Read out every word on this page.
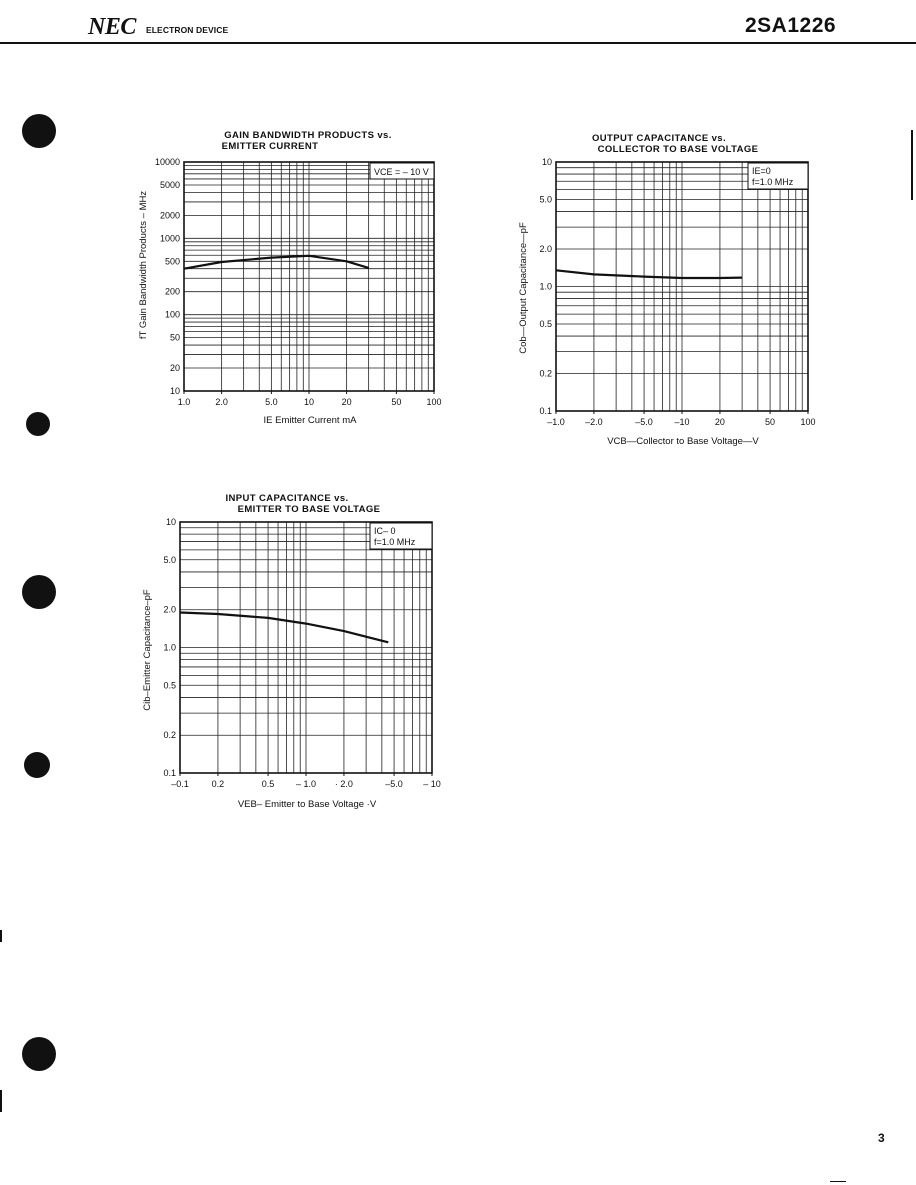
NEC ELECTRON DEVICE	2SA1226
GAIN BANDWIDTH PRODUCTS vs.
EMITTER CURRENT
IE Emitter Current mA
fT Gain Bandwidth Products – MHz
1.0	2.0	5.0	10	20	50	100
10
20
50
100
200
500
1000
2000
5000
10000
VCE = – 10 V
OUTPUT CAPACITANCE vs.
COLLECTOR TO BASE VOLTAGE
VCB—Collector to Base Voltage—V
Cob—Output Capacitance—pF
–1.0 –2.0	–5.0 –10	20	50	100
0.1
0.2
0.5
1.0
2.0
5.0
10
IE=0
f=1.0 MHz
INPUT CAPACITANCE vs.
EMITTER TO BASE VOLTAGE
VEB– Emitter to Base Voltage ·V
Cib–Emitter Capacitance–pF
–0.1	0.2	0.5 – 1.0 · 2.0	–5.0 – 10
0.1
0.2
0.5
1.0
2.0
5.0
10
IC– 0
f=1.0 MHz
3
